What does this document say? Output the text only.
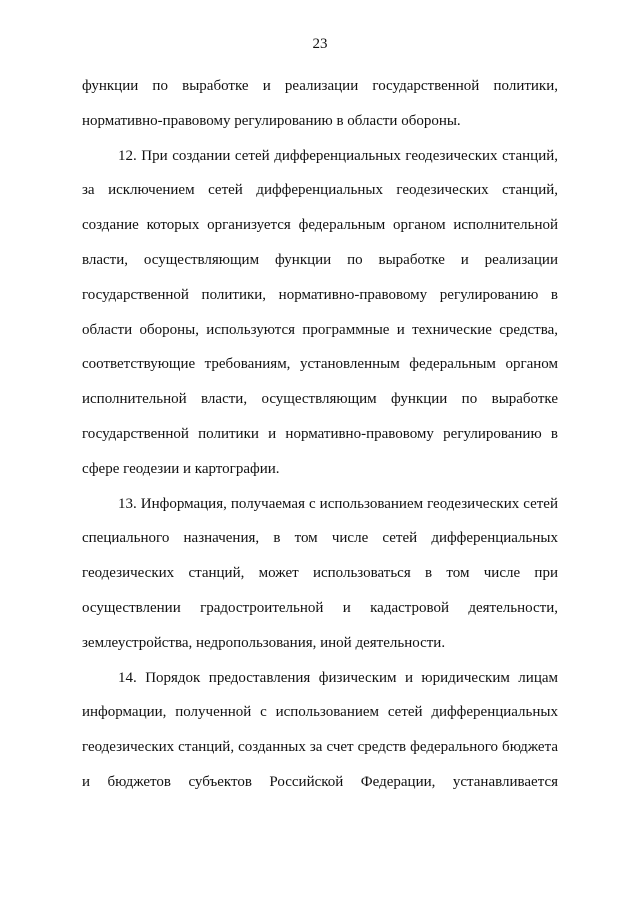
23
функции по выработке и реализации государственной политики,
нормативно-правовому регулированию в области обороны.
12. При создании сетей дифференциальных геодезических станций,
за исключением сетей дифференциальных геодезических станций,
создание которых организуется федеральным органом исполнительной
власти, осуществляющим функции по выработке и реализации
государственной политики, нормативно-правовому регулированию в
области обороны, используются программные и технические средства,
соответствующие требованиям, установленным федеральным органом
исполнительной власти, осуществляющим функции по выработке
государственной политики и нормативно-правовому регулированию в
сфере геодезии и картографии.
13. Информация, получаемая с использованием геодезических сетей
специального назначения, в том числе сетей дифференциальных
геодезических станций, может использоваться в том числе при
осуществлении градостроительной и кадастровой деятельности,
землеустройства, недропользования, иной деятельности.
14. Порядок предоставления физическим и юридическим лицам
информации, полученной с использованием сетей дифференциальных
геодезических станций, созданных за счет средств федерального бюджета
и бюджетов субъектов Российской Федерации, устанавливается
